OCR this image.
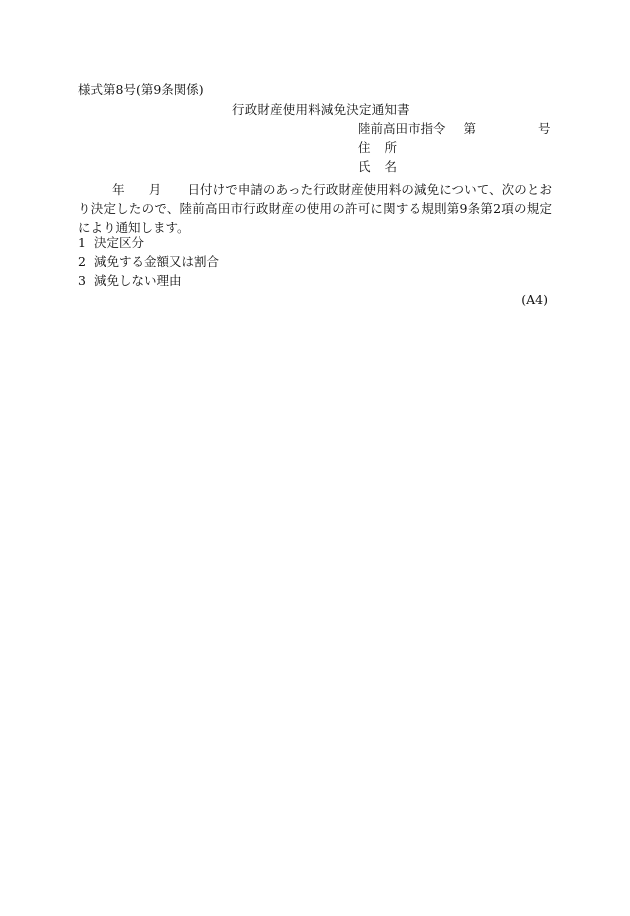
様式第8号(第9条関係)
行政財産使用料減免決定通知書
陸前高田市指令 第	号
住 所
氏 名
年 月 日付けで申請のあった行政財産使用料の減免について、次のとおり決定したので、陸前高田市行政財産の使用の許可に関する規則第9条第2項の規定により通知します。
1 決定区分
2 減免する金額又は割合
3 減免しない理由
(A4)
